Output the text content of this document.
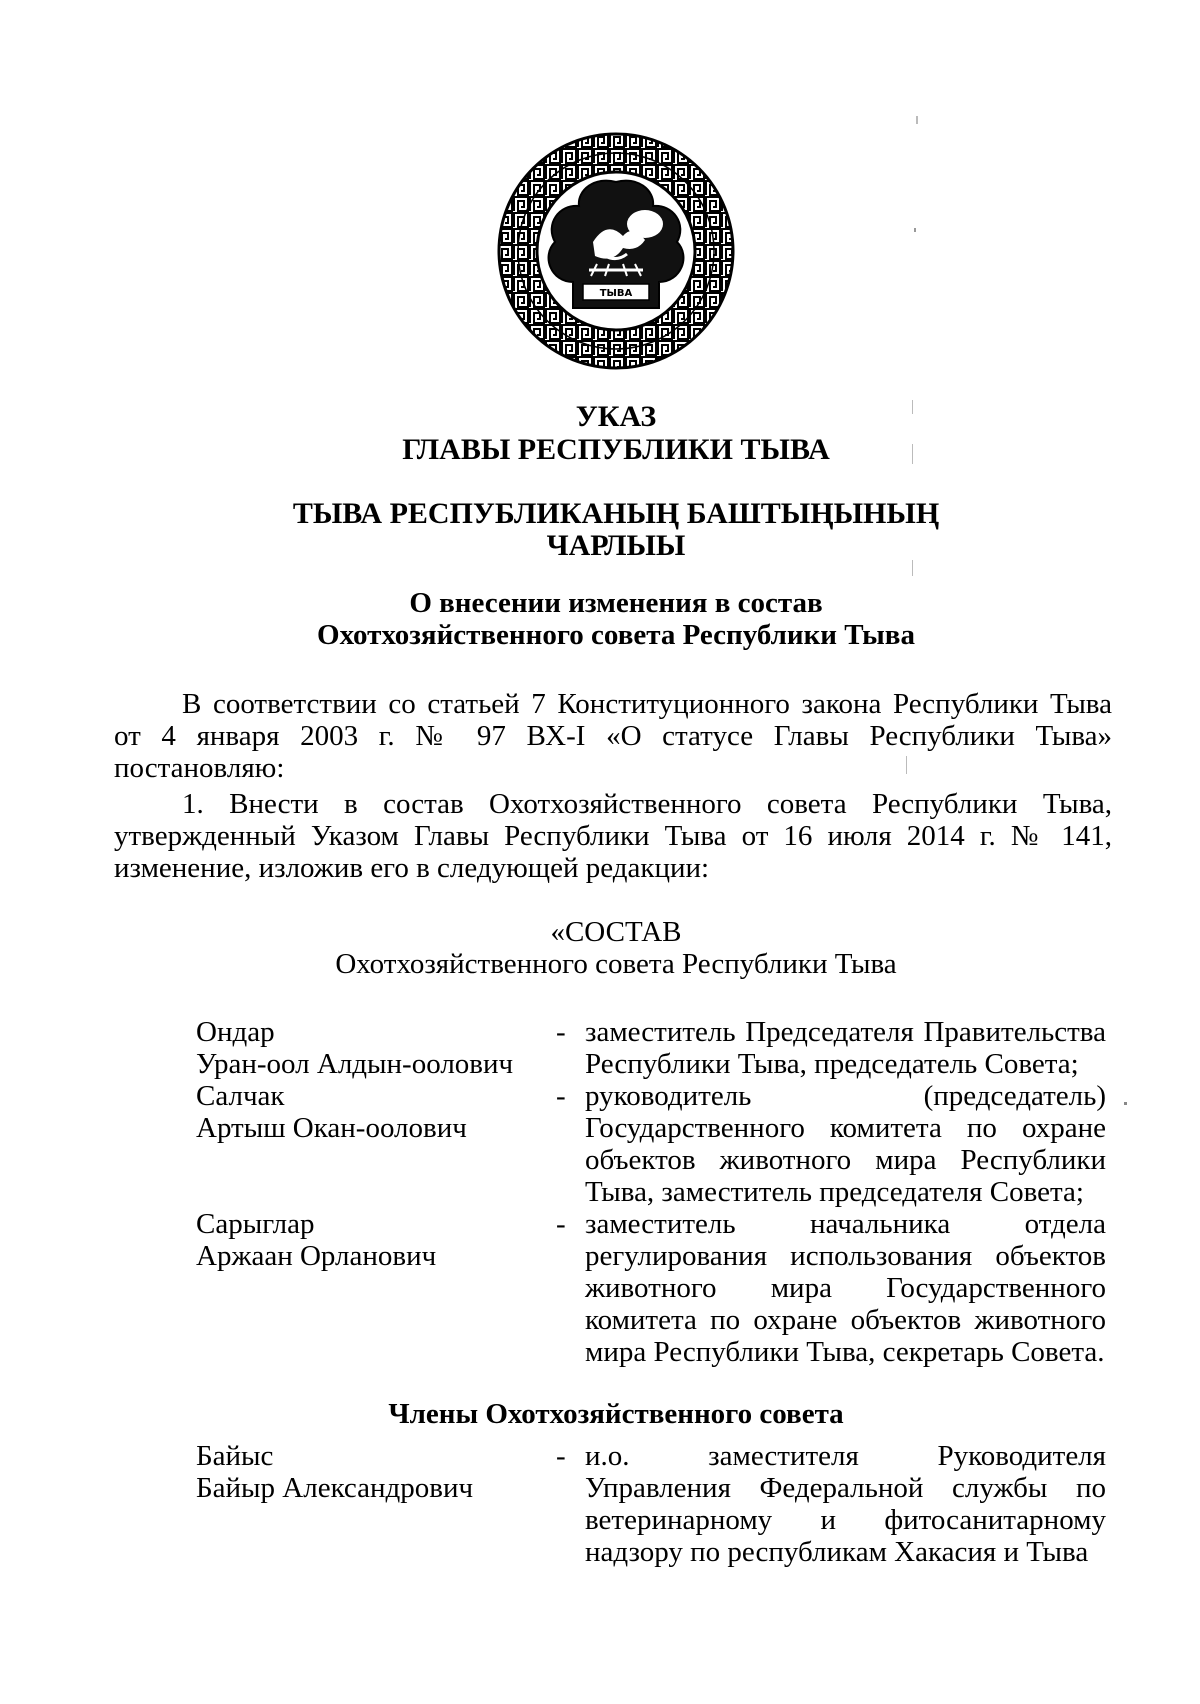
ТЫВА
УКАЗ
ГЛАВЫ РЕСПУБЛИКИ ТЫВА
ТЫВА РЕСПУБЛИКАНЫҢ БАШТЫҢЫНЫҢ
ЧАРЛЫЫ
О внесении изменения в состав
Охотхозяйственного совета Республики Тыва
В соответствии со статьей 7 Конституционного закона Республики Тыва
от 4 января 2003 г. № 97 ВХ-I «О статусе Главы Республики Тыва» постановляю:
1. Внести в состав Охотхозяйственного совета Республики Тыва,
утвержденный Указом Главы Республики Тыва от 16 июля 2014 г. № 141,
изменение, изложив его в следующей редакции:
«СОСТАВ
Охотхозяйственного совета Республики Тыва
Ондар
Уран-оол Алдын-оолович
- заместитель Председателя Правительства
Республики Тыва, председатель Совета;
Салчак
Артыш Окан-оолович
- руководитель (председатель)
Государственного комитета по охране
объектов животного мира Республики
Тыва, заместитель председателя Совета;
Сарыглар
Аржаан Орланович
- заместитель начальника отдела
регулирования использования объектов
животного мира Государственного
комитета по охране объектов животного
мира Республики Тыва, секретарь Совета.
Члены Охотхозяйственного совета
Байыс
Байыр Александрович
- и.о. заместителя Руководителя
Управления Федеральной службы по
ветеринарному и фитосанитарному
надзору по республикам Хакасия и Тыва
